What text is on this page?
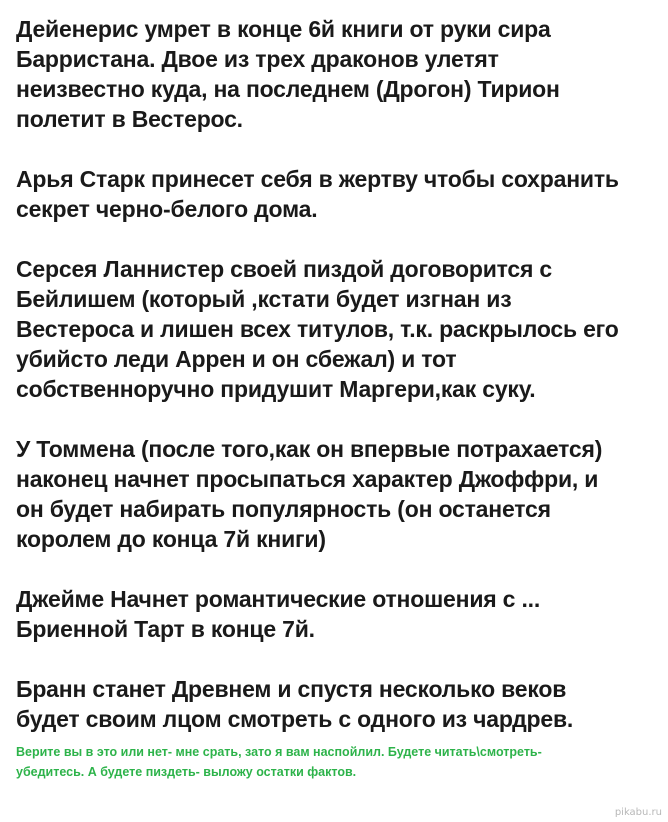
Дейенерис умрет в конце 6й книги от руки сира
Барристана. Двое из трех драконов улетят
неизвестно куда, на последнем (Дрогон) Тирион
полетит в Вестерос.

Арья Старк принесет себя в жертву чтобы сохранить
секрет черно-белого дома.

Серсея Ланнистер своей пиздой договорится с
Бейлишем (который ,кстати будет изгнан из
Вестероса и лишен всех титулов, т.к. раскрылось его
убийсто леди Аррен и он сбежал) и тот
собственноручно придушит Маргери,как суку.

У Томмена (после того,как он впервые потрахается)
наконец начнет просыпаться характер Джоффри, и
он будет набирать популярность (он останется
королем до конца 7й книги)

Джейме Начнет романтические отношения с ...
Бриенной Тарт в конце 7й.

Бранн станет Древнем и спустя несколько веков
будет своим лцом смотреть с одного из чардрев.

Верите вы в это или нет- мне срать, зато я вам наспойлил. Будете читать\смотреть-
убедитесь. А будете пиздеть- выложу остатки фактов.
pikabu.ru
